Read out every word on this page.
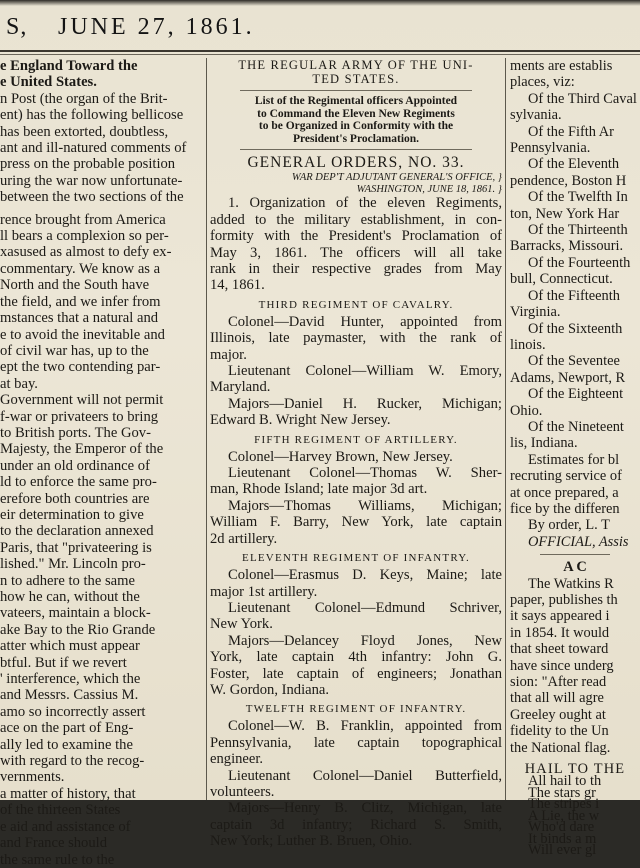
S, JUNE 27, 1861.
e England Toward the
e United States.
n Post (the organ of the Brit-
ent) has the following bellicose
has been extorted, doubtless,
ant and ill-natured comments of
press on the probable position
uring the war now unfortunate-
between the two sections of the
rence brought from America
ll bears a complexion so per-
xasused as almost to defy ex-
commentary. We know as a
North and the South have
the field, and we infer from
mstances that a natural and
e to avoid the inevitable and
of civil war has, up to the
ept the two contending par-
at bay.
Government will not permit
f-war or privateers to bring
to British ports. The Gov-
Majesty, the Emperor of the
under an old ordinance of
ld to enforce the same pro-
erefore both countries are
eir determination to give
to the declaration annexed
Paris, that "privateering is
lished." Mr. Lincoln pro-
n to adhere to the same
how he can, without the
vateers, maintain a block-
ake Bay to the Rio Grande
atter which must appear
btful. But if we revert
' interference, which the
and Messrs. Cassius M.
amo so incorrectly assert
ace on the part of Eng-
ally led to examine the
with regard to the recog-
vernments.
a matter of history, that
of the thirteen States
e aid and assistance of
and France should
the same rule to the
THE REGULAR ARMY OF THE UNI-
TED STATES.
List of the Regimental officers Appointed
to Command the Eleven New Regiments
to be Organized in Conformity with the
President's Proclamation.
GENERAL ORDERS, NO. 33.
WAR DEP'T ADJUTANT GENERAL'S OFFICE, }
WASHINGTON, JUNE 18, 1861. }
1. Organization of the eleven Regiments,
added to the military establishment, in con-
formity with the President's Proclamation of
May 3, 1861. The officers will all take
rank in their respective grades from May
14, 1861.
THIRD REGIMENT OF CAVALRY.
Colonel—David Hunter, appointed from
Illinois, late paymaster, with the rank of
major.
Lieutenant Colonel—William W. Emory,
Maryland.
Majors—Daniel H. Rucker, Michigan;
Edward B. Wright New Jersey.
FIFTH REGIMENT OF ARTILLERY.
Colonel—Harvey Brown, New Jersey.
Lieutenant Colonel—Thomas W. Sher-
man, Rhode Island; late major 3d art.
Majors—Thomas Williams, Michigan;
William F. Barry, New York, late captain
2d artillery.
ELEVENTH REGIMENT OF INFANTRY.
Colonel—Erasmus D. Keys, Maine; late
major 1st artillery.
Lieutenant Colonel—Edmund Schriver,
New York.
Majors—Delancey Floyd Jones, New
York, late captain 4th infantry: John G.
Foster, late captain of engineers; Jonathan
W. Gordon, Indiana.
TWELFTH REGIMENT OF INFANTRY.
Colonel—W. B. Franklin, appointed from
Pennsylvania, late captain topographical
engineer.
Lieutenant Colonel—Daniel Butterfield,
volunteers.
Majors—Henry B. Clitz, Michigan, late
captain 3d infantry; Richard S. Smith,
New York; Luther B. Bruen, Ohio.
ments are establis
places, viz:
Of the Third Caval
sylvania.
Of the Fifth Ar
Pennsylvania.
Of the Eleventh
pendence, Boston H
Of the Twelfth In
ton, New York Har
Of the Thirteenth
Barracks, Missouri.
Of the Fourteenth
bull, Connecticut.
Of the Fifteenth
Virginia.
Of the Sixteenth
linois.
Of the Seventee
Adams, Newport, R
Of the Eighteent
Ohio.
Of the Nineteent
lis, Indiana.
Estimates for bl
recruting service of
at once prepared, a
fice by the differen
By order, L. T
OFFICIAL, Assis
A C
The Watkins R
paper, publishes th
it says appeared i
in 1854. It would
that sheet toward
have since underg
sion: "After read
that all will agre
Greeley ought at
fidelity to the Un
the National flag.
HAIL TO THE
All hail to th
The stars gr
The stripes i
A Lie, the w
Who'd dare
It binds a m
Will ever gl
